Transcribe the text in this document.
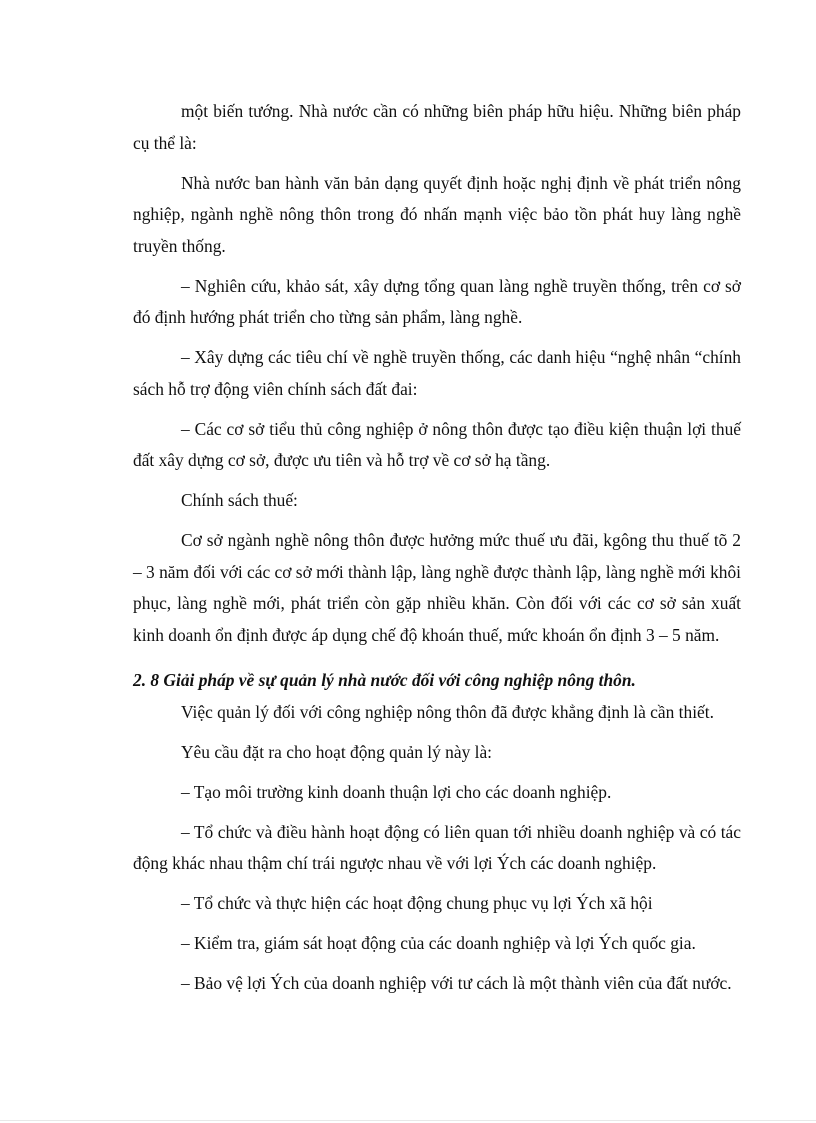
một biến tướng. Nhà nước cần có những biên pháp hữu hiệu. Những biên pháp cụ thể là:

Nhà nước ban hành văn bản dạng quyết định hoặc nghị định về phát triển nông nghiệp, ngành nghề nông thôn trong đó nhấn mạnh việc bảo tồn phát huy làng nghề truyền thống.

– Nghiên cứu, khảo sát, xây dựng tổng quan làng nghề truyền thống, trên cơ sở đó định hướng phát triển cho từng sản phẩm, làng nghề.

– Xây dựng các tiêu chí về nghề truyền thống, các danh hiệu “nghệ nhân “chính sách hỗ trợ động viên chính sách đất đai:

– Các cơ sở tiểu thủ công nghiệp ở nông thôn được tạo điều kiện thuận lợi thuế đất xây dựng cơ sở, được ưu tiên và hỗ trợ về cơ sở hạ tầng.

Chính sách thuế:

Cơ sở ngành nghề nông thôn được hưởng mức thuế ưu đãi, kgông thu thuế tõ 2 – 3 năm đối với các cơ sở mới thành lập, làng nghề được thành lập, làng nghề mới khôi phục, làng nghề mới, phát triển còn gặp nhiều khăn. Còn đối với các cơ sở sản xuất kinh doanh ổn định được áp dụng chế độ khoán thuế, mức khoán ổn định 3 – 5 năm.

2. 8 Giải pháp về sự quản lý nhà nước đối với công nghiệp nông thôn.

Việc quản lý đối với công nghiệp nông thôn đã được khẳng định là cần thiết.

Yêu cầu đặt ra cho hoạt động quản lý này là:

– Tạo môi trường kinh doanh thuận lợi cho các doanh nghiệp.

– Tổ chức và điều hành hoạt động có liên quan tới nhiều doanh nghiệp và có tác động khác nhau thậm chí trái ngược nhau về với lợi Ých các doanh nghiệp.

– Tổ chức và thực hiện các hoạt động chung phục vụ lợi Ých xã hội

– Kiểm tra, giám sát hoạt động của các doanh nghiệp và lợi Ých quốc gia.

– Bảo vệ lợi Ých của doanh nghiệp với tư cách là một thành viên của đất nước.
